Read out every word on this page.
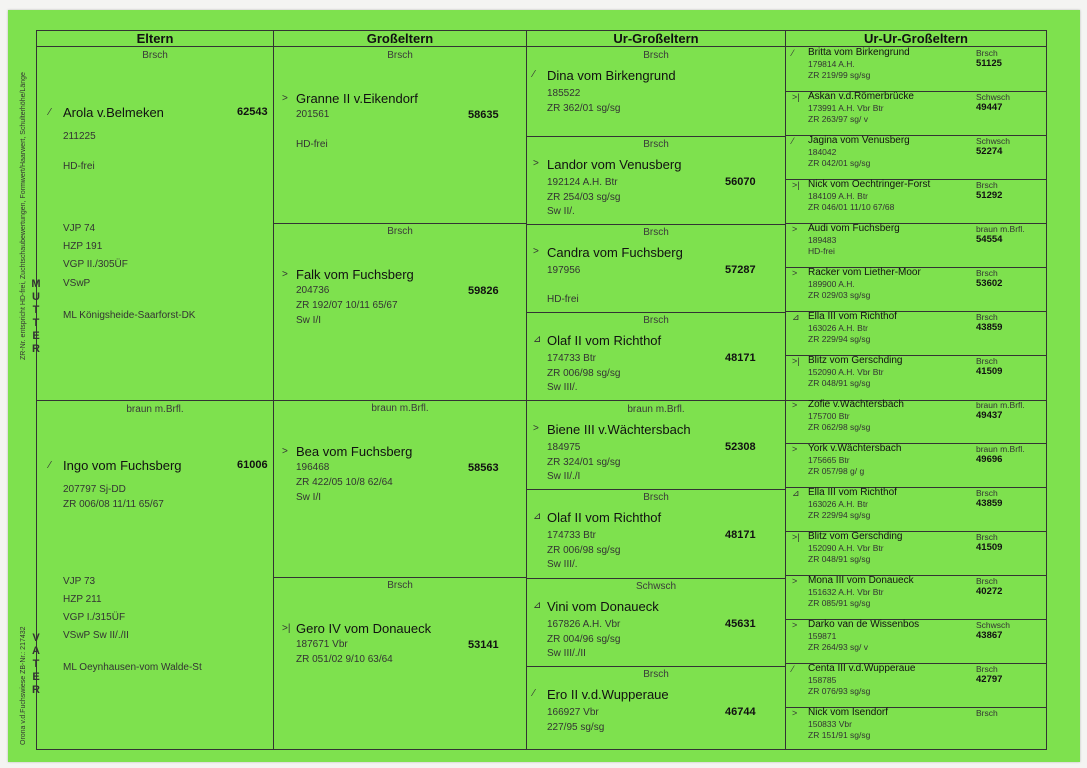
ZR-Nr. entspricht HD-frei, Zuchtschaubewertungen, Formwert/Haarwert, Schulterhöhe/Länge M
U
T
T
E
R
V
A
T
E
R
Orona v.d.Fuchswiese ZB-Nr.: 217432
Eltern	Großeltern	Ur-Großeltern	Ur-Ur-Großeltern
Brsch
⁄ Arola v.Belmeken	62543
211225
HD-frei
VJP 74
HZP 191
VGP II./305ÜF
VSwP
ML Königsheide-Saarforst-DK
braun m.Brfl.
⁄ Ingo vom Fuchsberg	61006
207797 Sj-DD
ZR 006/08 11/11 65/67
VJP 73
HZP 211
VGP I./315ÜF
VSwP Sw II/./II
ML Oeynhausen-vom Walde-St
Brsch
> Granne II v.Eikendorf
58635
201561
HD-frei
Brsch
> Falk vom Fuchsberg
59826
204736
ZR 192/07 10/11 65/67
Sw I/I
braun m.Brfl.
> Bea vom Fuchsberg
58563
196468
ZR 422/05 10/8 62/64
Sw I/I
Brsch
>| Gero IV vom Donaueck
53141
187671 Vbr
ZR 051/02 9/10 63/64
Brsch
⁄ Dina vom Birkengrund
185522
ZR 362/01 sg/sg
Brsch
> Landor vom Venusberg
56070
192124 A.H. Btr
ZR 254/03 sg/sg
Sw II/.
Brsch
> Candra vom Fuchsberg
57287
197956
HD-frei
Brsch
⊿ Olaf II vom Richthof
48171
174733 Btr
ZR 006/98 sg/sg
Sw III/.
braun m.Brfl.
> Biene III v.Wächtersbach
52308
184975
ZR 324/01 sg/sg
Sw II/./I
Brsch
⊿ Olaf II vom Richthof
48171
174733 Btr
ZR 006/98 sg/sg
Sw III/.
Schwsch
⊿ Vini vom Donaueck
45631
167826 A.H. Vbr
ZR 004/96 sg/sg
Sw III/./II
Brsch
⁄ Ero II v.d.Wupperaue
46744
166927 Vbr
227/95 sg/sg
⁄ Britta vom Birkengrund
179814 A.H.
ZR 219/99 sg/sg
Brsch
51125
>| Askan v.d.Römerbrücke
173991 A.H. Vbr Btr
ZR 263/97 sg/ v
Schwsch
49447
⁄ Jagina vom Venusberg
184042
ZR 042/01 sg/sg
Schwsch
52274
>| Nick vom Oechtringer-Forst
184109 A.H. Btr
ZR 046/01 11/10 67/68
Brsch
51292
> Audi vom Fuchsberg
189483
HD-frei
braun m.Brfl.
54554
> Racker vom Liether-Moor
189900 A.H.
ZR 029/03 sg/sg
Brsch
53602
⊿ Ella III vom Richthof
163026 A.H. Btr
ZR 229/94 sg/sg
Brsch
43859
>| Blitz vom Gerschding
152090 A.H. Vbr Btr
ZR 048/91 sg/sg
Brsch
41509
> Zofie v.Wächtersbach
175700 Btr
ZR 062/98 sg/sg
braun m.Brfl.
49437
> York v.Wächtersbach
175665 Btr
ZR 057/98 g/ g
braun m.Brfl.
49696
⊿ Ella III vom Richthof
163026 A.H. Btr
ZR 229/94 sg/sg
Brsch
43859
>| Blitz vom Gerschding
152090 A.H. Vbr Btr
ZR 048/91 sg/sg
Brsch
41509
> Mona III vom Donaueck
151632 A.H. Vbr Btr
ZR 085/91 sg/sg
Brsch
40272
> Darko van de Wissenbos
159871
ZR 264/93 sg/ v
Schwsch
43867
⁄ Centa III v.d.Wupperaue
158785
ZR 076/93 sg/sg
Brsch
42797
> Nick vom Isendorf
150833 Vbr
ZR 151/91 sg/sg
Brsch
